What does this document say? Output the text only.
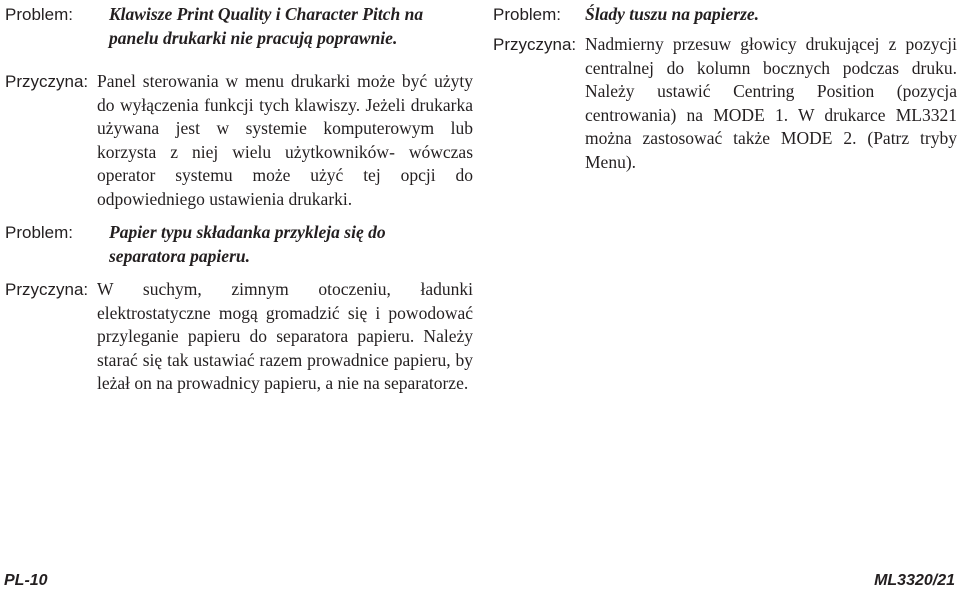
Problem: Klawisze Print Quality i Character Pitch na panelu drukarki nie pracują poprawnie.
Przyczyna: Panel sterowania w menu drukarki może być użyty do wyłączenia funkcji tych klawiszy. Jeżeli drukarka używana jest w systemie komputerowym lub korzysta z niej wielu użytkowników- wówczas operator systemu może użyć tej opcji do odpowiedniego ustawienia drukarki.
Problem: Papier typu składanka przykleja się do separatora papieru.
Przyczyna: W suchym, zimnym otoczeniu, ładunki elektrostatyczne mogą gromadzić się i powodować przyleganie papieru do separatora papieru. Należy starać się tak ustawiać razem prowadnice papieru, by leżał on na prowadnicy papieru, a nie na separatorze.
Problem: Ślady tuszu na papierze.
Przyczyna: Nadmierny przesuw głowicy drukującej z pozycji centralnej do kolumn bocznych podczas druku. Należy ustawić Centring Position (pozycja centrowania) na MODE 1. W drukarce ML3321 można zastosować także MODE 2. (Patrz tryby Menu).
PL-10	ML3320/21
